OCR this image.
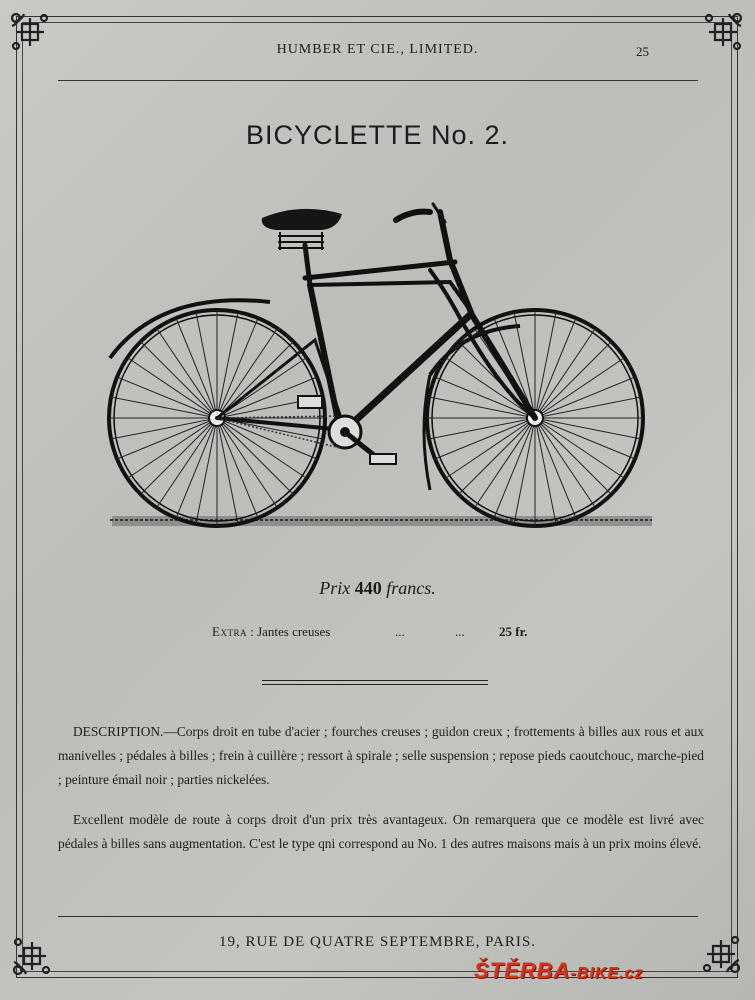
HUMBER ET CIE., LIMITED.	25
BICYCLETTE No. 2.
Prix 440 francs.
Extra : Jantes creuses	...	...	25 fr.
DESCRIPTION.—Corps droit en tube d'acier ; fourches creuses ; guidon creux ; frottements à billes aux rous et aux manivelles ; pédales à billes ; frein à cuillère ; ressort à spirale ; selle suspension ; repose pieds caoutchouc, marche-pied ; peinture émail noir ; parties nickelées.
Excellent modèle de route à corps droit d'un prix très avantageux. On remarquera que ce modèle est livré avec pédales à billes sans augmentation. C'est le type qni correspond au No. 1 des autres maisons mais à un prix moins élevé.
19, RUE DE QUATRE SEPTEMBRE, PARIS.
ŠTĚRBA-BIKE.cz
